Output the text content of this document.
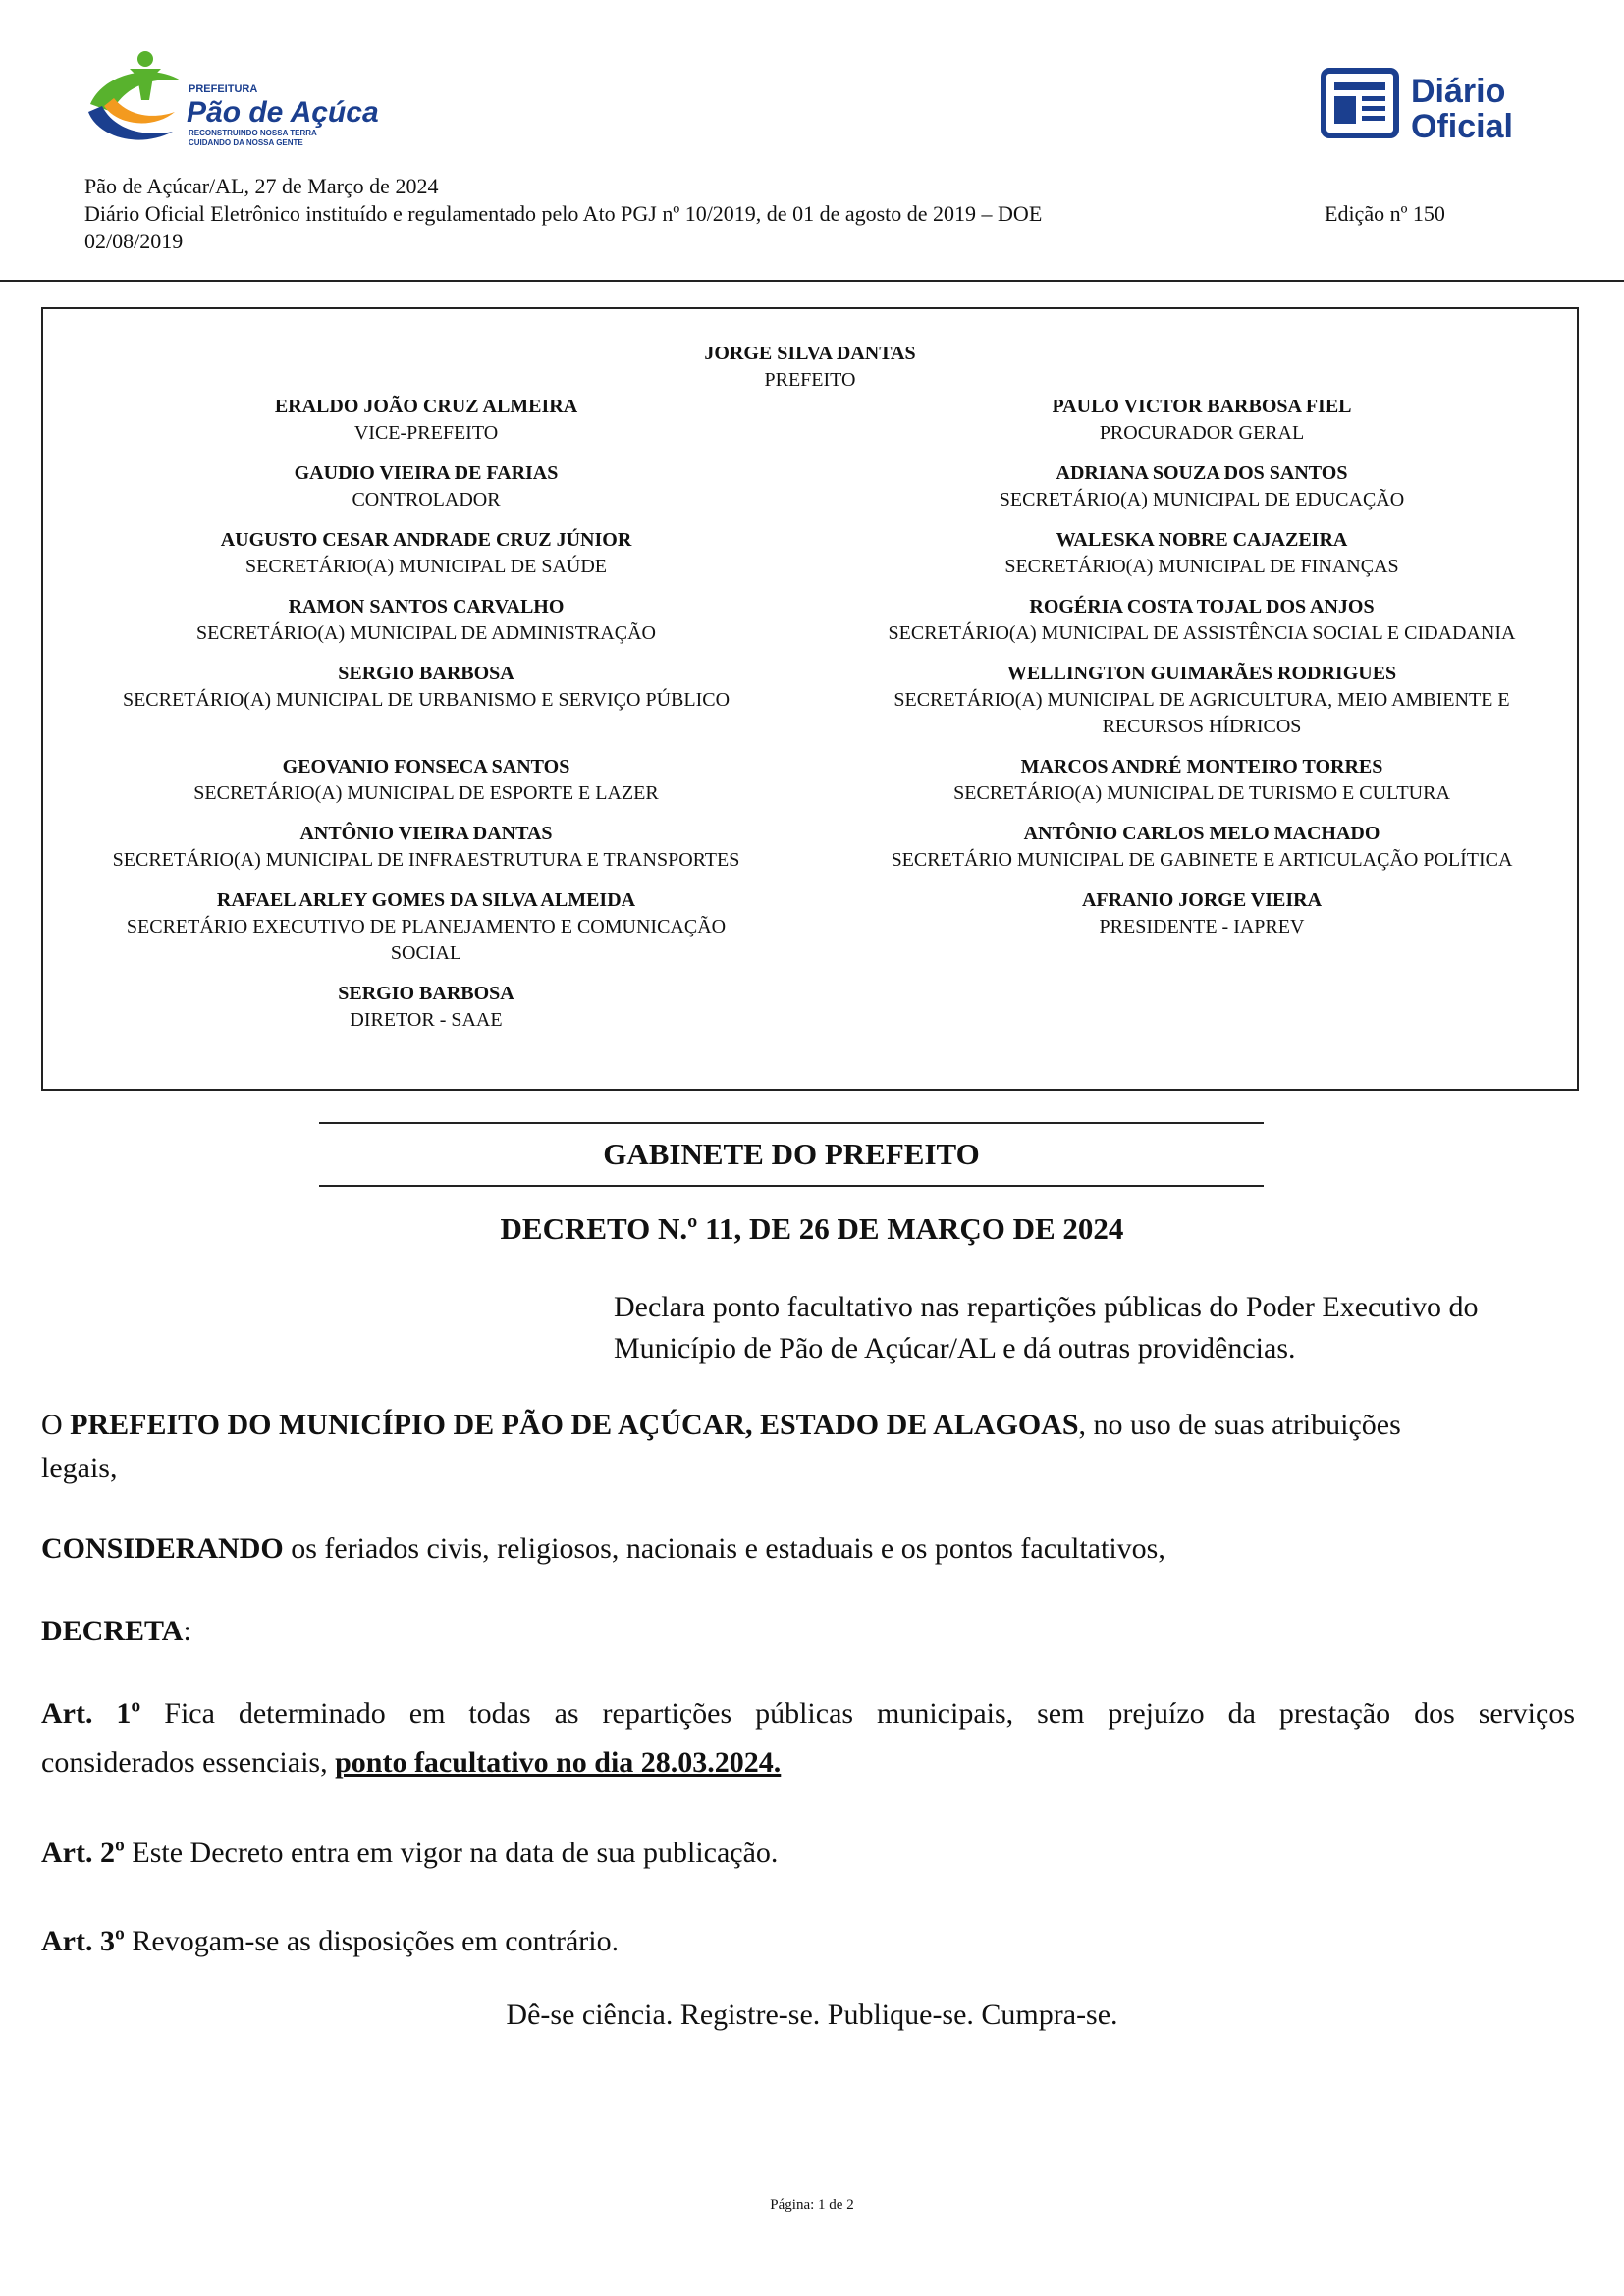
PREFEITURA
Pão de Açúcar
RECONSTRUINDO NOSSA TERRA
CUIDANDO DA NOSSA GENTE
Diário
Oficial
Pão de Açúcar/AL, 27 de Março de 2024
Diário Oficial Eletrônico instituído e regulamentado pelo Ato PGJ nº 10/2019, de 01 de agosto de 2019 – DOE
02/08/2019
Edição nº 150
JORGE SILVA DANTAS
PREFEITO
ERALDO JOÃO CRUZ ALMEIRA
VICE-PREFEITO
GAUDIO VIEIRA DE FARIAS
CONTROLADOR
AUGUSTO CESAR ANDRADE CRUZ JÚNIOR
SECRETÁRIO(A) MUNICIPAL DE SAÚDE
RAMON SANTOS CARVALHO
SECRETÁRIO(A) MUNICIPAL DE ADMINISTRAÇÃO
SERGIO BARBOSA
SECRETÁRIO(A) MUNICIPAL DE URBANISMO E SERVIÇO PÚBLICO
GEOVANIO FONSECA SANTOS
SECRETÁRIO(A) MUNICIPAL DE ESPORTE E LAZER
ANTÔNIO VIEIRA DANTAS
SECRETÁRIO(A) MUNICIPAL DE INFRAESTRUTURA E TRANSPORTES
RAFAEL ARLEY GOMES DA SILVA ALMEIDA
SECRETÁRIO EXECUTIVO DE PLANEJAMENTO E COMUNICAÇÃO
SOCIAL
SERGIO BARBOSA
DIRETOR - SAAE
PAULO VICTOR BARBOSA FIEL
PROCURADOR GERAL
ADRIANA SOUZA DOS SANTOS
SECRETÁRIO(A) MUNICIPAL DE EDUCAÇÃO
WALESKA NOBRE CAJAZEIRA
SECRETÁRIO(A) MUNICIPAL DE FINANÇAS
ROGÉRIA COSTA TOJAL DOS ANJOS
SECRETÁRIO(A) MUNICIPAL DE ASSISTÊNCIA SOCIAL E CIDADANIA
WELLINGTON GUIMARÃES RODRIGUES
SECRETÁRIO(A) MUNICIPAL DE AGRICULTURA, MEIO AMBIENTE E
RECURSOS HÍDRICOS
MARCOS ANDRÉ MONTEIRO TORRES
SECRETÁRIO(A) MUNICIPAL DE TURISMO E CULTURA
ANTÔNIO CARLOS MELO MACHADO
SECRETÁRIO MUNICIPAL DE GABINETE E ARTICULAÇÃO POLÍTICA
AFRANIO JORGE VIEIRA
PRESIDENTE - IAPREV
GABINETE DO PREFEITO
DECRETO N.º 11, DE 26 DE MARÇO DE 2024
Declara ponto facultativo nas repartições públicas do Poder Executivo do
Município de Pão de Açúcar/AL e dá outras providências.
O PREFEITO DO MUNICÍPIO DE PÃO DE AÇÚCAR, ESTADO DE ALAGOAS, no uso de suas atribuições
legais,
CONSIDERANDO os feriados civis, religiosos, nacionais e estaduais e os pontos facultativos,
DECRETA:
Art. 1º Fica determinado em todas as repartições públicas municipais, sem prejuízo da prestação dos serviços
considerados essenciais, ponto facultativo no dia 28.03.2024.
Art. 2º Este Decreto entra em vigor na data de sua publicação.
Art. 3º Revogam-se as disposições em contrário.
Dê-se ciência. Registre-se. Publique-se. Cumpra-se.
Página: 1 de 2
